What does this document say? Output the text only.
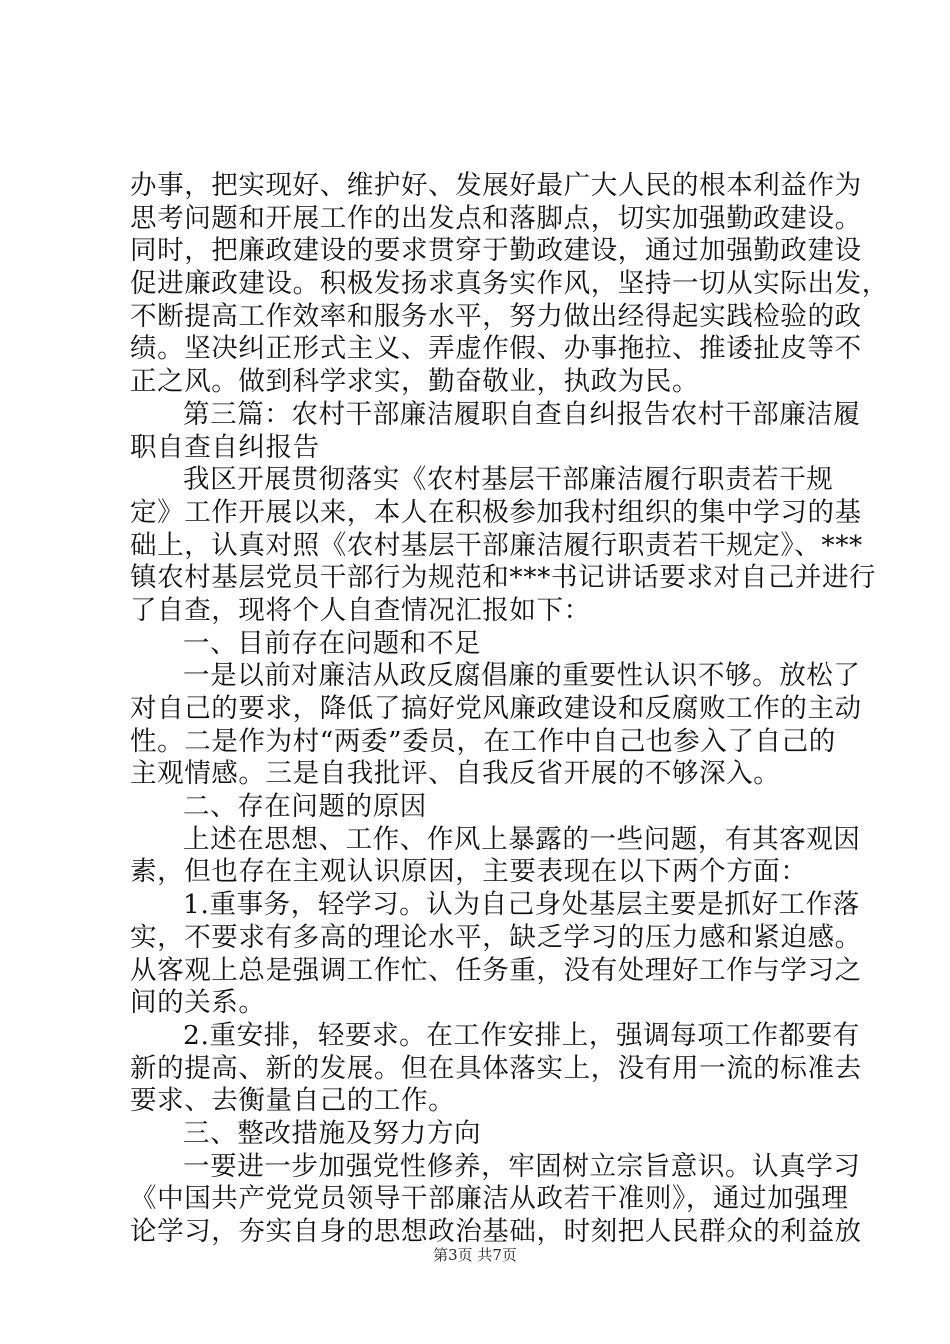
办事，把实现好、维护好、发展好最广大人民的根本利益作为
思考问题和开展工作的出发点和落脚点，切实加强勤政建设。
同时，把廉政建设的要求贯穿于勤政建设，通过加强勤政建设
促进廉政建设。积极发扬求真务实作风，坚持一切从实际出发，
不断提高工作效率和服务水平，努力做出经得起实践检验的政
绩。坚决纠正形式主义、弄虚作假、办事拖拉、推诿扯皮等不
正之风。做到科学求实，勤奋敬业，执政为民。
第三篇：农村干部廉洁履职自查自纠报告农村干部廉洁履
职自查自纠报告
我区开展贯彻落实《农村基层干部廉洁履行职责若干规
定》工作开展以来，本人在积极参加我村组织的集中学习的基
础上，认真对照《农村基层干部廉洁履行职责若干规定》、***
镇农村基层党员干部行为规范和***书记讲话要求对自己并进行
了自查，现将个人自查情况汇报如下：
一、目前存在问题和不足
一是以前对廉洁从政反腐倡廉的重要性认识不够。放松了
对自己的要求，降低了搞好党风廉政建设和反腐败工作的主动
性。二是作为村“两委”委员，在工作中自己也参入了自己的
主观情感。三是自我批评、自我反省开展的不够深入。
二、存在问题的原因
上述在思想、工作、作风上暴露的一些问题，有其客观因
素，但也存在主观认识原因，主要表现在以下两个方面：
1.重事务，轻学习。认为自己身处基层主要是抓好工作落
实，不要求有多高的理论水平，缺乏学习的压力感和紧迫感。
从客观上总是强调工作忙、任务重，没有处理好工作与学习之
间的关系。
2.重安排，轻要求。在工作安排上，强调每项工作都要有
新的提高、新的发展。但在具体落实上，没有用一流的标准去
要求、去衡量自己的工作。
三、整改措施及努力方向
一要进一步加强党性修养，牢固树立宗旨意识。认真学习
《中国共产党党员领导干部廉洁从政若干准则》，通过加强理
论学习，夯实自身的思想政治基础，时刻把人民群众的利益放
第3页 共7页
